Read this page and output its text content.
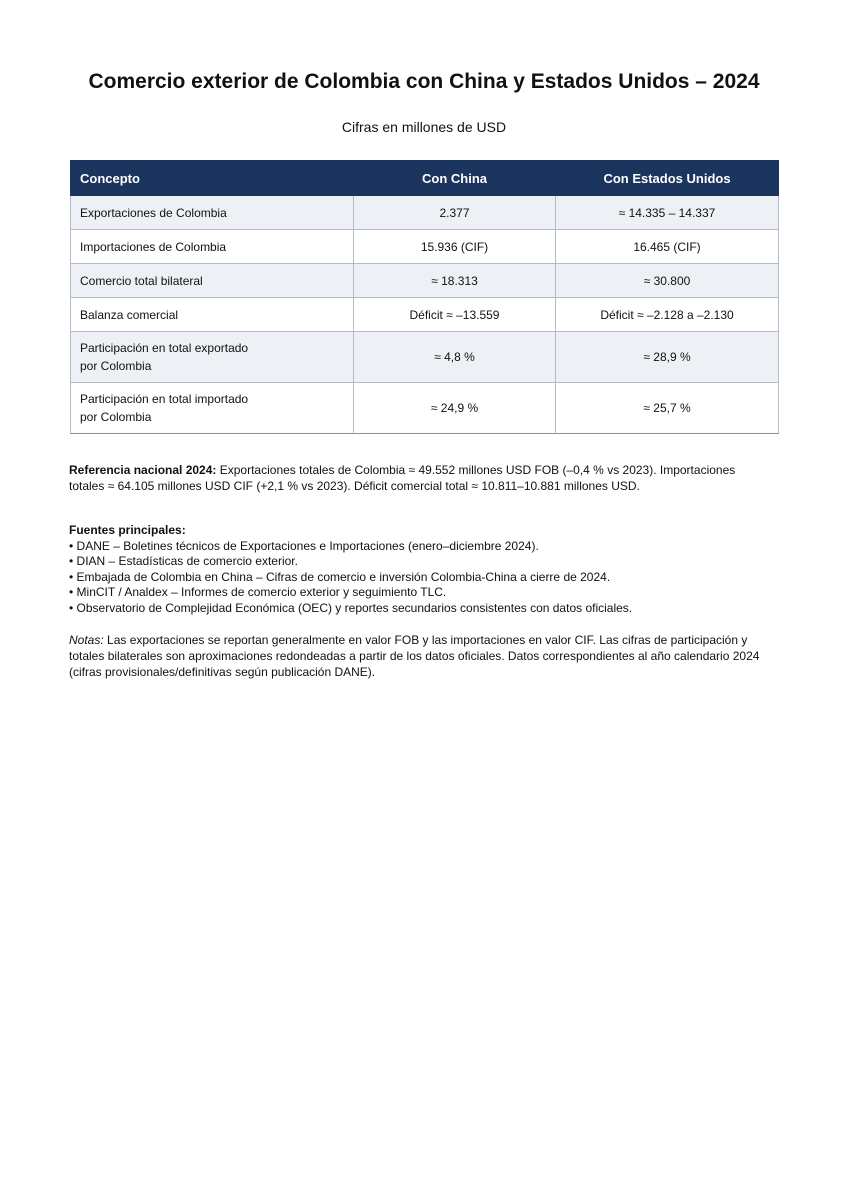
Comercio exterior de Colombia con China y Estados Unidos – 2024
Cifras en millones de USD
Concepto	Con China	Con Estados Unidos
Exportaciones de Colombia	2.377	≈ 14.335 – 14.337
Importaciones de Colombia	15.936 (CIF)	16.465 (CIF)
Comercio total bilateral	≈ 18.313	≈ 30.800
Balanza comercial	Déficit ≈ –13.559	Déficit ≈ –2.128 a –2.130
Participación en total exportado
por Colombia	≈ 4,8 %	≈ 28,9 %
Participación en total importado
por Colombia	≈ 24,9 %	≈ 25,7 %

Referencia nacional 2024: Exportaciones totales de Colombia ≈ 49.552 millones USD FOB (–0,4 % vs 2023). Importaciones totales ≈ 64.105 millones USD CIF (+2,1 % vs 2023). Déficit comercial total ≈ 10.811–10.881 millones USD.

Fuentes principales:
• DANE – Boletines técnicos de Exportaciones e Importaciones (enero–diciembre 2024).
• DIAN – Estadísticas de comercio exterior.
• Embajada de Colombia en China – Cifras de comercio e inversión Colombia-China a cierre de 2024.
• MinCIT / Analdex – Informes de comercio exterior y seguimiento TLC.
• Observatorio de Complejidad Económica (OEC) y reportes secundarios consistentes con datos oficiales.

Notas: Las exportaciones se reportan generalmente en valor FOB y las importaciones en valor CIF. Las cifras de participación y totales bilaterales son aproximaciones redondeadas a partir de los datos oficiales. Datos correspondientes al año calendario 2024 (cifras provisionales/definitivas según publicación DANE).
